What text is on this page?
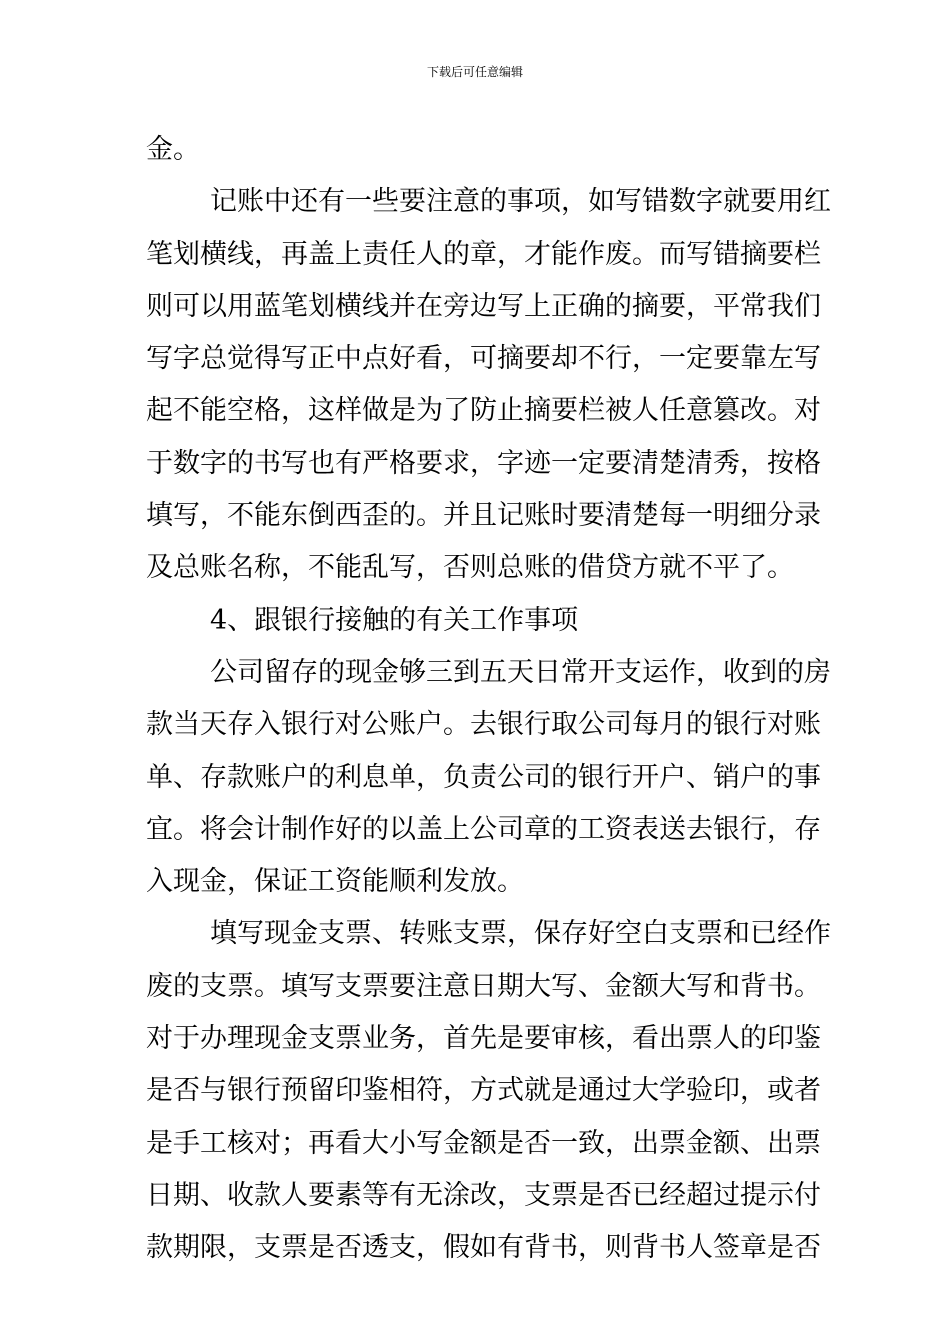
下载后可任意编辑
金。
记账中还有一些要注意的事项，如写错数字就要用红
笔划横线，再盖上责任人的章，才能作废。而写错摘要栏
则可以用蓝笔划横线并在旁边写上正确的摘要，平常我们
写字总觉得写正中点好看，可摘要却不行，一定要靠左写
起不能空格，这样做是为了防止摘要栏被人任意篡改。对
于数字的书写也有严格要求，字迹一定要清楚清秀，按格
填写，不能东倒西歪的。并且记账时要清楚每一明细分录
及总账名称，不能乱写，否则总账的借贷方就不平了。
4、跟银行接触的有关工作事项
公司留存的现金够三到五天日常开支运作，收到的房
款当天存入银行对公账户。去银行取公司每月的银行对账
单、存款账户的利息单，负责公司的银行开户、销户的事
宜。将会计制作好的以盖上公司章的工资表送去银行，存
入现金，保证工资能顺利发放。
填写现金支票、转账支票，保存好空白支票和已经作
废的支票。填写支票要注意日期大写、金额大写和背书。
对于办理现金支票业务，首先是要审核，看出票人的印鉴
是否与银行预留印鉴相符，方式就是通过大学验印，或者
是手工核对；再看大小写金额是否一致，出票金额、出票
日期、收款人要素等有无涂改，支票是否已经超过提示付
款期限，支票是否透支，假如有背书，则背书人签章是否
